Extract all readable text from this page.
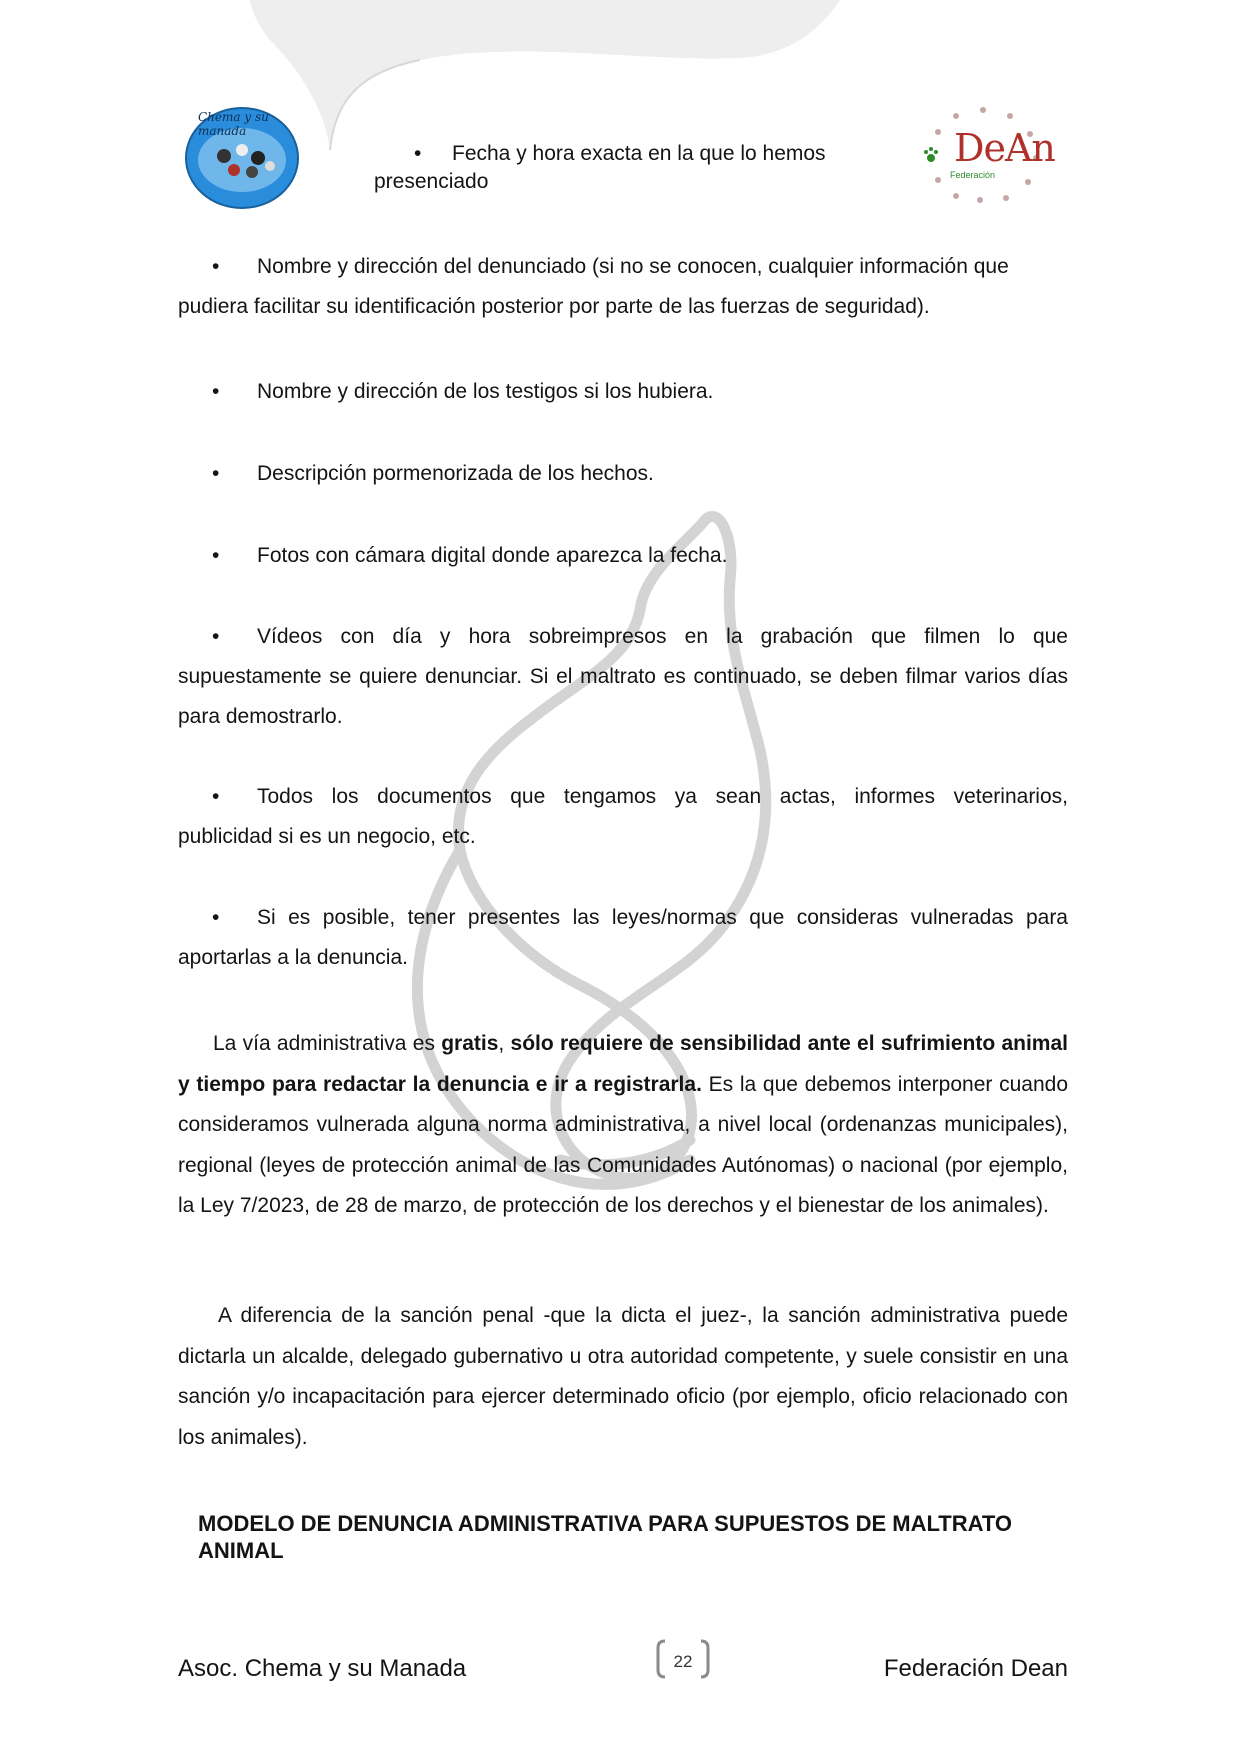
Chema y su manada	DeAn
Federación
• Fecha y hora exacta en la que lo hemos
presenciado
• Nombre y dirección del denunciado (si no se conocen, cualquier información que
pudiera facilitar su identificación posterior por parte de las fuerzas de seguridad).
• Nombre y dirección de los testigos si los hubiera.
• Descripción pormenorizada de los hechos.
• Fotos con cámara digital donde aparezca la fecha.
• Vídeos con día y hora sobreimpresos en la grabación que filmen lo que
supuestamente se quiere denunciar. Si el maltrato es continuado, se deben filmar varios días para demostrarlo.
• Todos los documentos que tengamos ya sean actas, informes veterinarios,
publicidad si es un negocio, etc.
• Si es posible, tener presentes las leyes/normas que consideras vulneradas para
aportarlas a la denuncia.
La vía administrativa es gratis, sólo requiere de sensibilidad ante el sufrimiento animal y tiempo para redactar la denuncia e ir a registrarla. Es la que debemos interponer cuando consideramos vulnerada alguna norma administrativa, a nivel local (ordenanzas municipales), regional (leyes de protección animal de las Comunidades Autónomas) o nacional (por ejemplo, la Ley 7/2023, de 28 de marzo, de protección de los derechos y el bienestar de los animales).
A diferencia de la sanción penal -que la dicta el juez-, la sanción administrativa puede dictarla un alcalde, delegado gubernativo u otra autoridad competente, y suele consistir en una sanción y/o incapacitación para ejercer determinado oficio (por ejemplo, oficio relacionado con los animales).
MODELO DE DENUNCIA ADMINISTRATIVA PARA SUPUESTOS DE MALTRATO ANIMAL
Asoc. Chema y su Manada	22	Federación Dean
